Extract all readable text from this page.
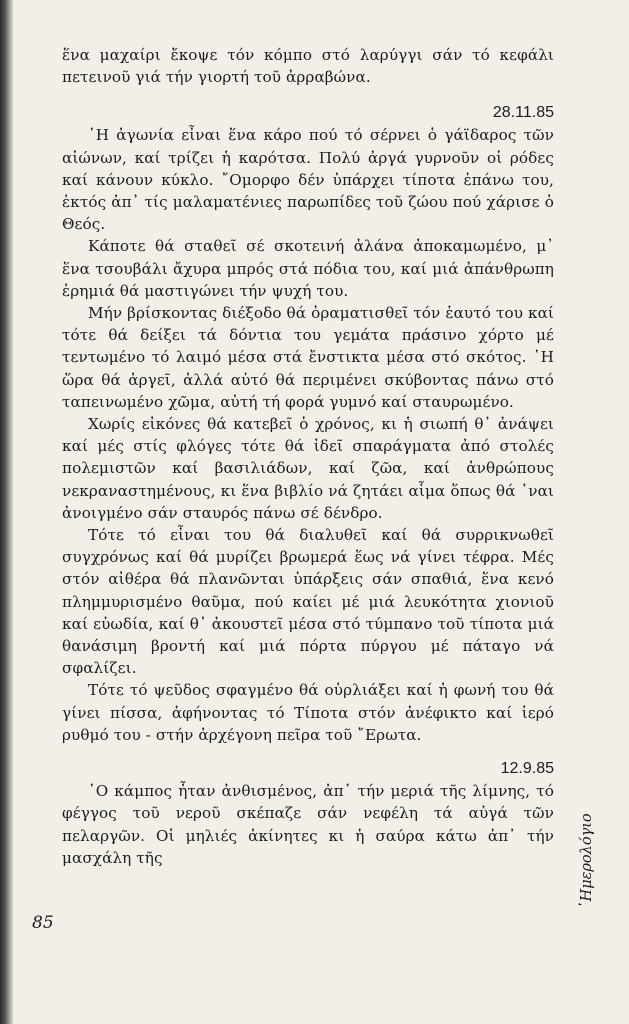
ἕνα μαχαίρι ἔκοψε τόν κόμπο στό λαρύγγι σάν τό κεφάλι πετεινοῦ γιά τήν γιορτή τοῦ ἀρραβώνα.

28.11.85

῾Η ἀγωνία εἶναι ἕνα κάρο πού τό σέρνει ὁ γάϊδαρος τῶν αἰώνων, καί τρίζει ἡ καρότσα. Πολύ ἀργά γυρνοῦν οἱ ρόδες καί κάνουν κύκλο. ῎Ομορφο δέν ὑπάρχει τίποτα ἐπάνω του, ἐκτός ἀπ᾽ τίς μαλαματένιες παρωπίδες τοῦ ζώου πού χάρισε ὁ Θεός.

Κάποτε θά σταθεῖ σέ σκοτεινή ἀλάνα ἀποκαμωμένο, μ᾽ ἕνα τσουβάλι ἄχυρα μπρός στά πόδια του, καί μιά ἀπάνθρωπη ἐρημιά θά μαστιγώνει τήν ψυχή του.

Μήν βρίσκοντας διέξοδο θά ὁραματισθεῖ τόν ἑαυτό του καί τότε θά δείξει τά δόντια του γεμάτα πράσινο χόρτο μέ τεντωμένο τό λαιμό μέσα στά ἔνστικτα μέσα στό σκότος. ῾Η ὥρα θά ἀργεῖ, ἀλλά αὐτό θά περιμένει σκύβοντας πάνω στό ταπεινωμένο χῶμα, αὐτή τή φορά γυμνό καί σταυρωμένο.

Χωρίς εἰκόνες θά κατεβεῖ ὁ χρόνος, κι ἡ σιωπή θ᾽ ἀνάψει καί μές στίς φλόγες τότε θά ἰδεῖ σπαράγματα ἀπό στολές πολεμιστῶν καί βασιλιάδων, καί ζῶα, καί ἀνθρώπους νεκραναστημένους, κι ἕνα βιβλίο νά ζητάει αἷμα ὅπως θά ᾽ναι ἀνοιγμένο σάν σταυρός πάνω σέ δένδρο.

Τότε τό εἶναι του θά διαλυθεῖ καί θά συρρικνωθεῖ συγχρόνως καί θά μυρίζει βρωμερά ἕως νά γίνει τέφρα. Μές στόν αἰθέρα θά πλανῶνται ὑπάρξεις σάν σπαθιά, ἕνα κενό πλημμυρισμένο θαῦμα, πού καίει μέ μιά λευκότητα χιονιοῦ καί εὐωδία, καί θ᾽ ἀκουστεῖ μέσα στό τύμπανο τοῦ τίποτα μιά θανάσιμη βροντή καί μιά πόρτα πύργου μέ πάταγο νά σφαλίζει.

Τότε τό ψεῦδος σφαγμένο θά οὐρλιάξει καί ἡ φωνή του θά γίνει πίσσα, ἀφήνοντας τό Τίποτα στόν ἀνέφικτο καί ἱερό ρυθμό του - στήν ἀρχέγονη πεῖρα τοῦ ῎Ερωτα.

12.9.85

῾Ο κάμπος ἦταν ἀνθισμένος, ἀπ᾽ τήν μεριά τῆς λίμνης, τό φέγγος τοῦ νεροῦ σκέπαζε σάν νεφέλη τά αὐγά τῶν πελαργῶν. Οἱ μηλιές ἀκίνητες κι ἡ σαύρα κάτω ἀπ᾽ τήν μασχάλη τῆς

85
῾Ημερολόγιο
